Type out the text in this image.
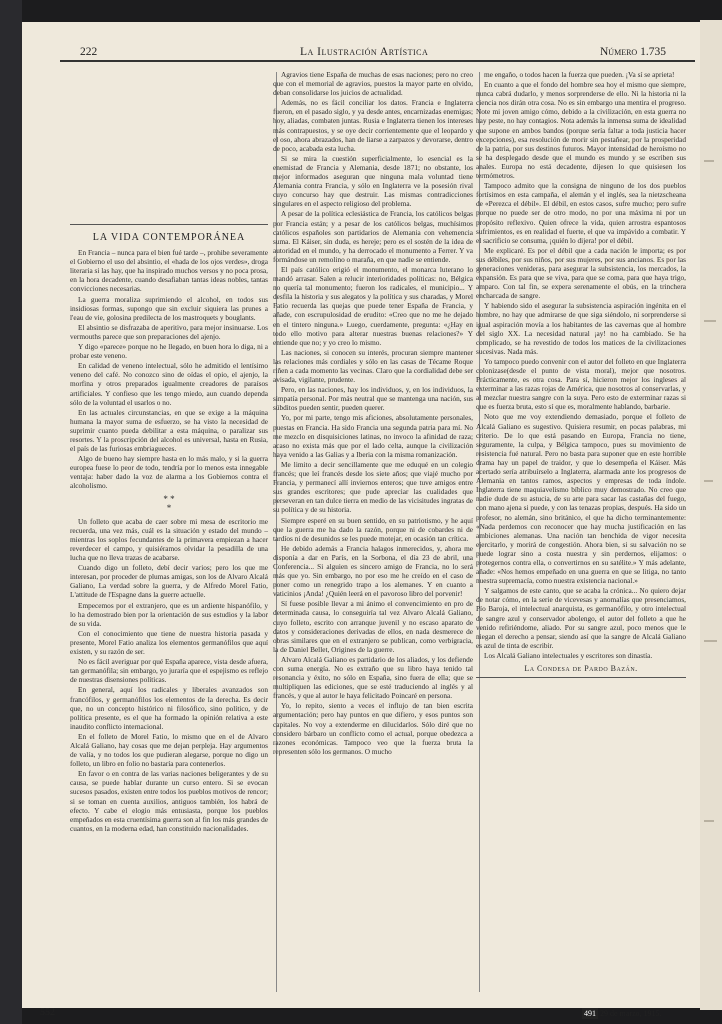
222	La Ilustración Artística	Número 1.735
LA VIDA CONTEMPORÁNEA

En Francia – nunca para el bien fué tarde –, prohibe severamente el Gobierno el uso del absintio, el «hada de los ojos verdes», droga literaria si las hay, que ha inspirado muchos versos y no poca prosa, en la hora decadente, cuando desafiaban tantas ideas nobles, tantas convicciones necesarias.

La guerra moraliza suprimiendo el alcohol, en todos sus insidiosas formas, supongo que sin excluir siquiera las prunes a l'eau de vie, golosina predilecta de los mastroquets y bouglants.

El absintio se disfrazaba de aperitivo, para mejor insinuarse. Los vermouths parece que son preparaciones del ajenjo.

Y digo «parece» porque no he llegado, en buen hora lo diga, ni a probar este veneno.

En calidad de veneno intelectual, sólo he admitido el lentísimo veneno del café. No conozco sino de oídas el opio, el ajenjo, la morfina y otros preparados igualmente creadores de paraísos artificiales. Y confieso que les tengo miedo, aun cuando dependa sólo de la voluntad el usarlos o no.

En las actuales circunstancias, en que se exige a la máquina humana la mayor suma de esfuerzo, se ha visto la necesidad de suprimir cuanto pueda debilitar a esta máquina, o paralizar sus resortes. Y la proscripción del alcohol es universal, hasta en Rusia, el país de las furiosas embriagueces.

Algo de bueno hay siempre hasta en lo más malo, y si la guerra europea fuese lo peor de todo, tendría por lo menos esta innegable ventaja: haber dado la voz de alarma a los Gobiernos contra el alcoholismo.

* *
*

Un folleto que acaba de caer sobre mi mesa de escritorio me recuerda, una vez más, cuál es la situación y estado del mundo – mientras los soplos fecundantes de la primavera empiezan a hacer reverdecer el campo, y quisiéramos olvidar la pesadilla de una lucha que no lleva trazas de acabarse.

Cuando digo un folleto, debí decir varios; pero los que me interesan, por proceder de plumas amigas, son los de Alvaro Alcalá Galiano, La verdad sobre la guerra, y de Alfredo Morel Fatio, L'attitude de l'Espagne dans la guerre actuelle.

Empecemos por el extranjero, que es un ardiente hispanófilo, y lo ha demostrado bien por la orientación de sus estudios y la labor de su vida.

Con el conocimiento que tiene de nuestra historia pasada y presente, Morel Fatio analiza los elementos germanófilos que aquí existen, y su razón de ser.

No es fácil averiguar por qué España aparece, vista desde afuera, tan germanófila; sin embargo, yo juraría que el espejismo es reflejo de nuestras disensiones políticas.

En general, aquí los radicales y liberales avanzados son francófilos, y germanófilos los elementos de la derecha. Es decir que, no un concepto histórico ni filosófico, sino político, y de política presente, es el que ha formado la opinión relativa a este inaudito conflicto internacional.

En el folleto de Morel Fatio, lo mismo que en el de Alvaro Alcalá Galiano, hay cosas que me dejan perpleja. Hay argumentos de valía, y no todos los que pudieran alegarse, porque no digo un folleto, un libro en folio no bastaría para contenerlos.

En favor o en contra de las varias naciones beligerantes y de su causa, se puede hablar durante un curso entero. Si se evocan sucesos pasados, existen entre todos los pueblos motivos de rencor; si se toman en cuenta auxilios, antiguos también, los habrá de efecto. Y cabe el elogio más entusiasta, porque los pueblos empeñados en esta cruentísima guerra son al fin los más grandes de cuantos, en la moderna edad, han constituido nacionalidades.

Agravios tiene España de muchas de esas naciones; pero no creo que con el memorial de agravios, puestos la mayor parte en olvido, deban consolidarse los juicios de actualidad.

Además, no es fácil conciliar los datos. Francia e Inglaterra fueron, en el pasado siglo, y ya desde antes, encarnizadas enemigas; hoy, aliadas, combaten juntas. Rusia e Inglaterra tienen los intereses más contrapuestos, y se oye decir corrientemente que el leopardo y el oso, ahora abrazados, han de liarse a zarpazos y devorarse, dentro de poco, acabada esta lucha.

Si se mira la cuestión superficialmente, lo esencial es la enemistad de Francia y Alemania, desde 1871; no obstante, los mejor informados aseguran que ninguna mala voluntad tiene Alemania contra Francia, y sólo en Inglaterra ve la posesión rival cuyo concurso hay que destruir. Las mismas contradicciones singulares en el aspecto religioso del problema.

A pesar de la política eclesiástica de Francia, los católicos belgas por Francia están; y a pesar de los católicos belgas, muchísimos católicos españoles son partidarios de Alemania con vehemencia suma. El Káiser, sin duda, es hereje; pero es el sostén de la idea de autoridad en el mundo, y ha derrocado el monumento a Ferrer. Y va formándose un remolino o maraña, en que nadie se entiende.

El país católico erigió el monumento, el monarca luterano lo mandó arrasar. Salen a relucir interioridades políticas: no, Bélgica no quería tal monumento; fueron los radicales, el municipio... Y desfila la historia y sus alegatos y la política y sus charadas, y Morel Fatio recuerda las quejas que puede tener España de Francia, y añade, con escrupulosidad de erudito: «Creo que no me he dejado en el tintero ninguna.» Luego, cuerdamente, pregunta: «¿Hay en todo ello motivo para alterar nuestras buenas relaciones?» Y entiende que no; y yo creo lo mismo.

Las naciones, si conocen su interés, procuran siempre mantener las relaciones más cordiales y sólo en las casas de Técame Roque riñen a cada momento las vecinas. Claro que la cordialidad debe ser avisada, vigilante, prudente.

Pero, en las naciones, hay los individuos, y, en los individuos, la simpatía personal. Por más neutral que se mantenga una nación, sus súbditos pueden sentir, pueden querer.

Yo, por mi parte, tengo mis aficiones, absolutamente personales, puestas en Francia. Ha sido Francia una segunda patria para mí. No me mezclo en disquisiciones latinas, no invoco la afinidad de raza; acaso no exista más que por el lado celta, aunque la civilización haya venido a las Galias y a Iberia con la misma romanización.

Me limito a decir sencillamente que me eduqué en un colegio francés; que leí francés desde los siete años; que viajé mucho por Francia, y permanecí allí inviernos enteros; que tuve amigos entre sus grandes escritores; que pude apreciar las cualidades que perseveran en tan dulce tierra en medio de las vicisitudes ingratas de su política y de su historia.

Siempre esperé en su buen sentido, en su patriotismo, y he aquí que la guerra me ha dado la razón, porque ni de cobardes ni de tardíos ni de desunidos se les puede motejar, en ocasión tan crítica.

He debido además a Francia halagos inmerecidos, y, ahora me disponía a dar en París, en la Sorbona, el día 23 de abril, una Conferencia... Si alguien es sincero amigo de Francia, no lo será más que yo. Sin embargo, no por eso me he creído en el caso de poner como un renegrido trapo a los alemanes. Y en cuanto a vaticinios ¡Anda! ¿Quién leerá en el pavoroso libro del porvenir!

Sí fuese posible llevar a mi ánimo el convencimiento en pro de determinada causa, lo conseguiría tal vez Alvaro Alcalá Galiano, cuyo folleto, escrito con arranque juvenil y no escaso aparato de datos y consideraciones derivadas de ellos, en nada desmerece de obras similares que en el extranjero se publican, como verbigracia, la de Daniel Bellet, Origines de la guerre.

Alvaro Alcalá Galiano es partidario de los aliados, y los defiende con suma energía. No es extraño que su libro haya tenido tal resonancia y éxito, no sólo en España, sino fuera de ella; que se multipliquen las ediciones, que se esté traduciendo al inglés y al francés, y que al autor le haya felicitado Poincaré en persona.

Yo, lo repito, siento a veces el influjo de tan bien escrita argumentación; pero hay puntos en que difiero, y esos puntos son capitales. No voy a extenderme en dilucidarlos. Sólo diré que no considero bárbaro un conflicto como el actual, porque obedezca a razones económicas. Tampoco veo que la fuerza bruta la representen sólo los germanos. O mucho

me engaño, o todos hacen la fuerza que pueden. ¡Va sí se aprieta!

En cuanto a que el fondo del hombre sea hoy el mismo que siempre, nunca cabrá dudarlo, y menos sorprenderse de ello. Ni la historia ni la ciencia nos dirán otra cosa. No es sin embargo una mentira el progreso. Note mi joven amigo cómo, debido a la civilización, en esta guerra no hay peste, no hay contagios. Nota además la inmensa suma de idealidad que supone en ambos bandos (porque sería faltar a toda justicia hacer excepciones), esa resolución de morir sin pestañear, por la prosperidad de la patria, por sus destinos futuros. Mayor intensidad de heroísmo no se ha desplegado desde que el mundo es mundo y se escriben sus anales. Europa no está decadente, díjesen lo que quisiesen los termómetros.

Tampoco admito que la consigna de ninguno de los dos pueblos fortísimos en esta campaña, el alemán y el inglés, sea la nietzscheana de «Perezca el débil». El débil, en estos casos, sufre mucho; pero sufre porque no puede ser de otro modo, no por una máxima ni por un propósito reflexivo. Quien ofrece la vida, quien arrostra espantosos sufrimientos, es en realidad el fuerte, el que va impávido a combatir. Y el sacrificio se consuma, ¡quién lo dijera! por el débil.

Me explicaré. Es por el débil que a cada nación le importa; es por sus débiles, por sus niños, por sus mujeres, por sus ancianos. Es por las generaciones venideras, para asegurar la subsistencia, los mercados, la expansión. Es para que se viva, para que se coma, para que haya trigo, amparo. Con tal fin, se expera serenamente el obús, en la trinchera encharcada de sangre.

Y habiendo sido el asegurar la subsistencia aspiración ingénita en el hombre, no hay que admirarse de que siga siéndolo, ni sorprenderse si igual aspiración movía a los habitantes de las cavernas que al hombre del siglo XX. La necesidad natural ¡ay! no ha cambiado. Se ha complicado, se ha revestido de todos los matices de la civilizaciones sucesivas. Nada más.

Yo tampoco puedo convenir con el autor del folleto en que Inglaterra colonizase(desde el punto de vista moral), mejor que nosotros. Prácticamente, es otra cosa. Para sí, hicieron mejor los ingleses al exterminar a las razas rojas de América, que nosotros al conservarlas, y al mezclar nuestra sangre con la suya. Pero esto de exterminar razas si que es fuerza bruta, esto sí que es, moralmente hablando, barbarie.

Noto que me voy extendiendo demasiado, porque el folleto de Alcalá Galiano es sugestivo. Quisiera resumir, en pocas palabras, mi criterio. De lo que está pasando en Europa, Francia no tiene, seguramente, la culpa, y Bélgica tampoco, pues su movimiento de resistencia fué natural. Pero no basta para suponer que en este horrible drama hay un papel de traidor, y que lo desempeña el Káiser. Más acertado sería atribuírselo a Inglaterra, alarmada ante los progresos de Alemania en tantos ramos, aspectos y empresas de toda índole. Inglaterra tiene maquiavelismo bíblico muy demostrado. No creo que nadie dude de su astucia, de su arte para sacar las castañas del fuego, con mano ajena si puede, y con las tenazas propias, después. Ha sido un profesor, no alemán, sino británico, el que ha dicho terminantemente: «Nada perdemos con reconocer que hay mucha justificación en las ambiciones alemanas. Una nación tan henchida de vigor necesita ejercitarlo, y morirá de congestión. Ahora bien, si su salvación no se puede lograr sino a costa nuestra y sin perdernos, elijamos: o protegernos contra ella, o convertirnos en su satélite.» Y más adelante, añade: «Nos hemos empeñado en una guerra en que se litiga, no tanto nuestra supremacía, como nuestra existencia nacional.»

Y salgamos de este canto, que se acaba la crónica... No quiero dejar de notar cómo, en la serie de vicevesas y anomalías que presenciamos, Pío Baroja, el intelectual anarquista, es germanófilo, y otro intelectual de sangre azul y conservador abolengo, el autor del folleto a que he venido refiriéndome, aliado. Por su sangre azul, poco menos que le niegan el derecho a pensar, siendo así que la sangre de Alcalá Galiano es azul de tinta de escribir.

Los Alcalá Galiano intelectuales y escritores son dinastía.

La Condesa de Pardo Bazán.
552	491 29 de marzo, 1915.
